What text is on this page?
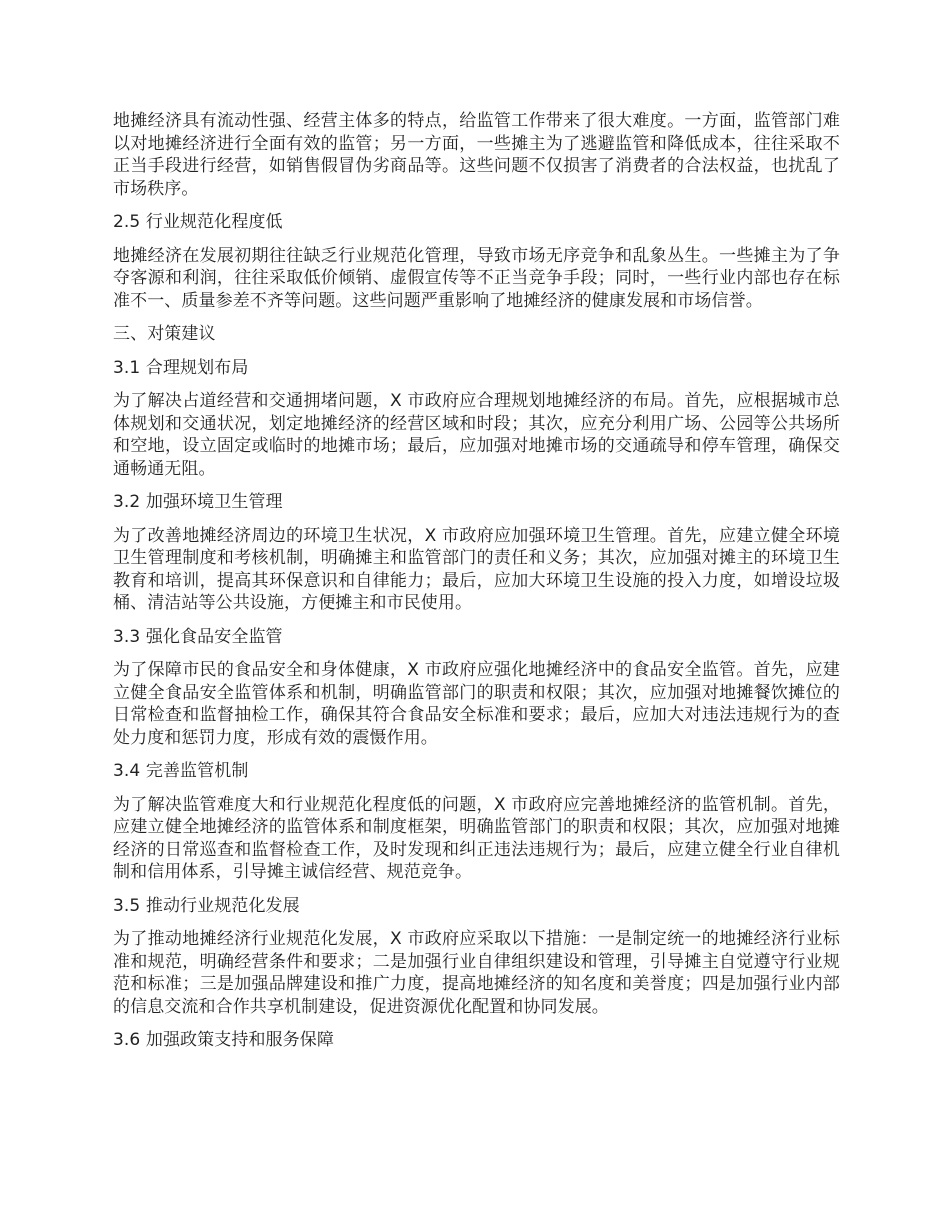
地摊经济具有流动性强、经营主体多的特点，给监管工作带来了很大难度。一方面，监管部门难以对地摊经济进行全面有效的监管；另一方面，一些摊主为了逃避监管和降低成本，往往采取不正当手段进行经营，如销售假冒伪劣商品等。这些问题不仅损害了消费者的合法权益，也扰乱了市场秩序。

2.5 行业规范化程度低

地摊经济在发展初期往往缺乏行业规范化管理，导致市场无序竞争和乱象丛生。一些摊主为了争夺客源和利润，往往采取低价倾销、虚假宣传等不正当竞争手段；同时，一些行业内部也存在标准不一、质量参差不齐等问题。这些问题严重影响了地摊经济的健康发展和市场信誉。

三、对策建议

3.1 合理规划布局

为了解决占道经营和交通拥堵问题，X 市政府应合理规划地摊经济的布局。首先，应根据城市总体规划和交通状况，划定地摊经济的经营区域和时段；其次，应充分利用广场、公园等公共场所和空地，设立固定或临时的地摊市场；最后，应加强对地摊市场的交通疏导和停车管理，确保交通畅通无阻。

3.2 加强环境卫生管理

为了改善地摊经济周边的环境卫生状况，X 市政府应加强环境卫生管理。首先，应建立健全环境卫生管理制度和考核机制，明确摊主和监管部门的责任和义务；其次，应加强对摊主的环境卫生教育和培训，提高其环保意识和自律能力；最后，应加大环境卫生设施的投入力度，如增设垃圾桶、清洁站等公共设施，方便摊主和市民使用。

3.3 强化食品安全监管

为了保障市民的食品安全和身体健康，X 市政府应强化地摊经济中的食品安全监管。首先，应建立健全食品安全监管体系和机制，明确监管部门的职责和权限；其次，应加强对地摊餐饮摊位的日常检查和监督抽检工作，确保其符合食品安全标准和要求；最后，应加大对违法违规行为的查处力度和惩罚力度，形成有效的震慑作用。

3.4 完善监管机制

为了解决监管难度大和行业规范化程度低的问题，X 市政府应完善地摊经济的监管机制。首先，应建立健全地摊经济的监管体系和制度框架，明确监管部门的职责和权限；其次，应加强对地摊经济的日常巡查和监督检查工作，及时发现和纠正违法违规行为；最后，应建立健全行业自律机制和信用体系，引导摊主诚信经营、规范竞争。

3.5 推动行业规范化发展

为了推动地摊经济行业规范化发展，X 市政府应采取以下措施：一是制定统一的地摊经济行业标准和规范，明确经营条件和要求；二是加强行业自律组织建设和管理，引导摊主自觉遵守行业规范和标准；三是加强品牌建设和推广力度，提高地摊经济的知名度和美誉度；四是加强行业内部的信息交流和合作共享机制建设，促进资源优化配置和协同发展。

3.6 加强政策支持和服务保障
